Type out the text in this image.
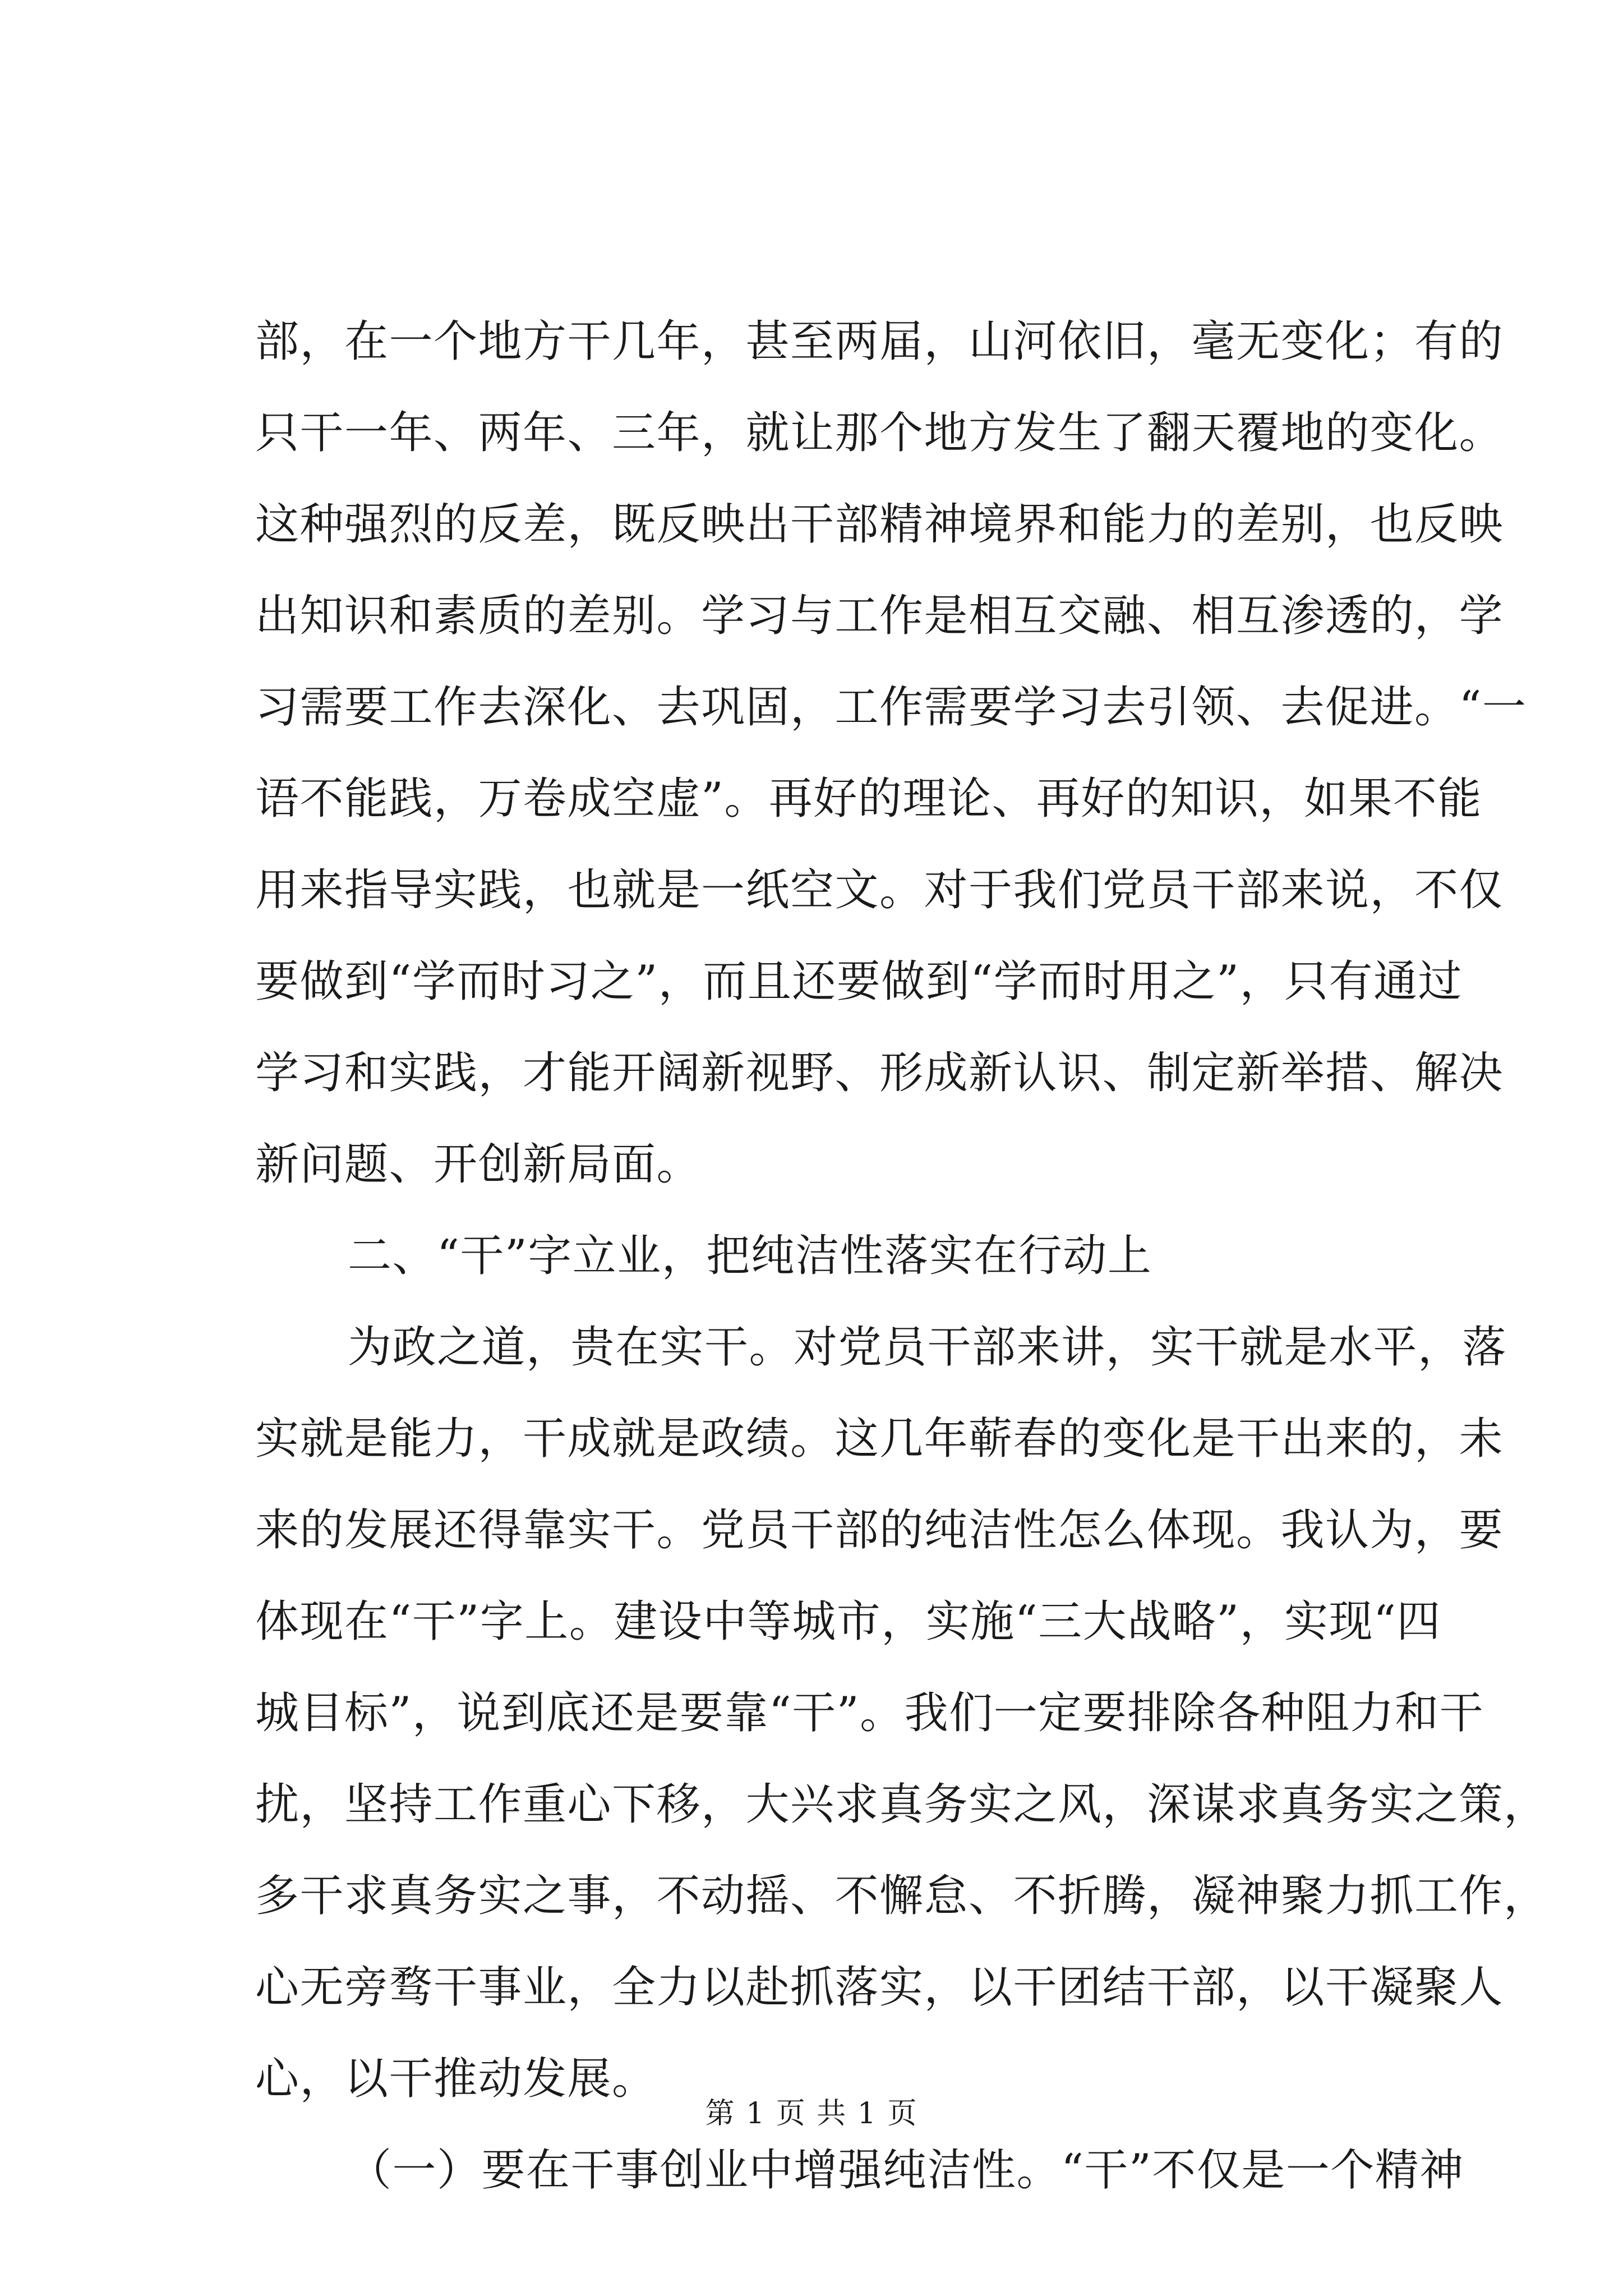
部，在一个地方干几年，甚至两届，山河依旧，毫无变化；有的
只干一年、两年、三年，就让那个地方发生了翻天覆地的变化。
这种强烈的反差，既反映出干部精神境界和能力的差别，也反映
出知识和素质的差别。学习与工作是相互交融、相互渗透的，学
习需要工作去深化、去巩固，工作需要学习去引领、去促进。“一
语不能践，万卷成空虚”。再好的理论、再好的知识，如果不能
用来指导实践，也就是一纸空文。对于我们党员干部来说，不仅
要做到“学而时习之”，而且还要做到“学而时用之”，只有通过
学习和实践，才能开阔新视野、形成新认识、制定新举措、解决
新问题、开创新局面。
二、“干”字立业，把纯洁性落实在行动上
为政之道，贵在实干。对党员干部来讲，实干就是水平，落
实就是能力，干成就是政绩。这几年蕲春的变化是干出来的，未
来的发展还得靠实干。党员干部的纯洁性怎么体现。我认为，要
体现在“干”字上。建设中等城市，实施“三大战略”，实现“四
城目标”，说到底还是要靠“干”。我们一定要排除各种阻力和干
扰，坚持工作重心下移，大兴求真务实之风，深谋求真务实之策，
多干求真务实之事，不动摇、不懈怠、不折腾，凝神聚力抓工作，
心无旁骛干事业，全力以赴抓落实，以干团结干部，以干凝聚人
心，以干推动发展。
（一）要在干事创业中增强纯洁性。“干”不仅是一个精神
第 1 页 共 1 页
